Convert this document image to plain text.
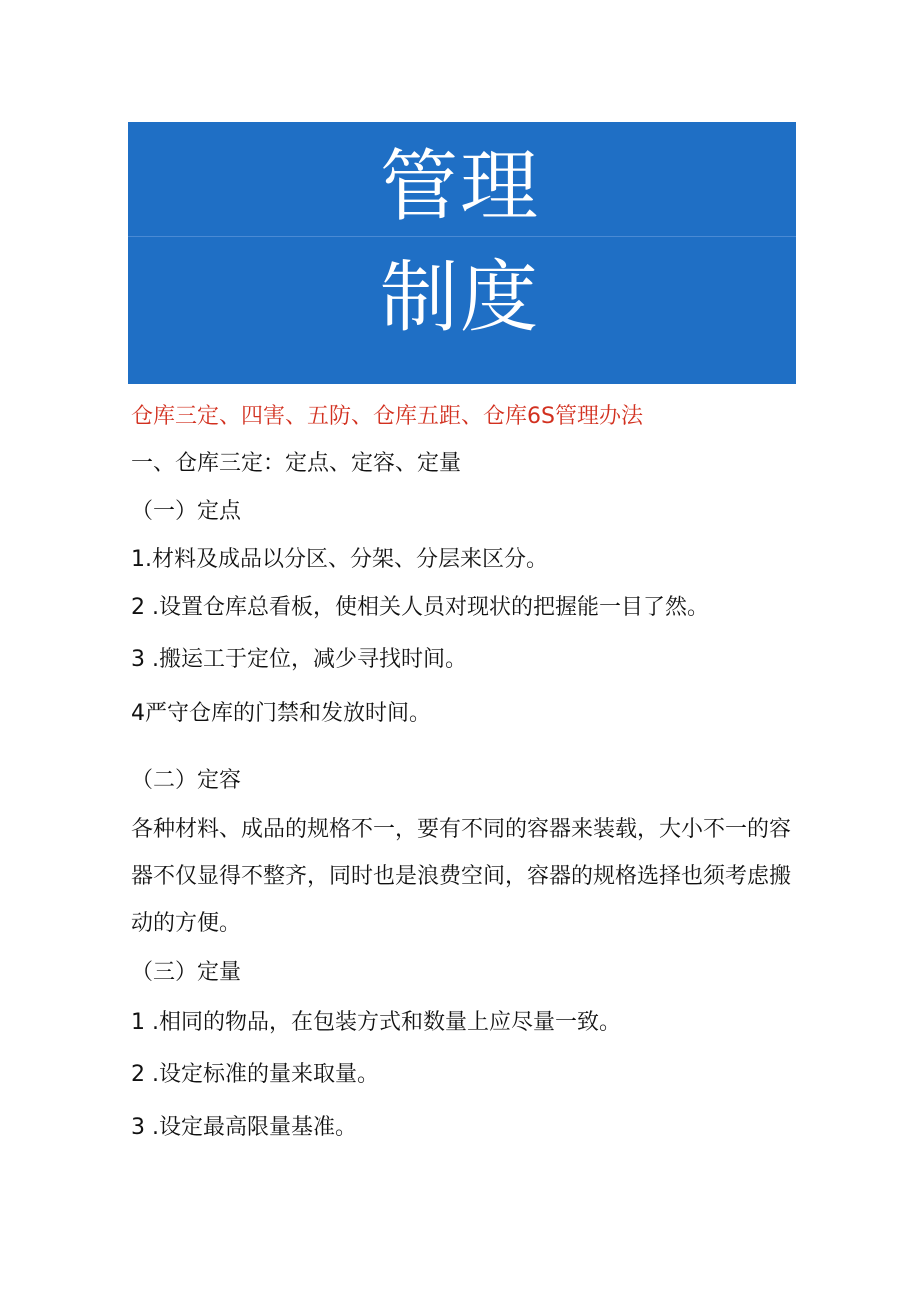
管理
制度
仓库三定、四害、五防、仓库五距、仓库6S管理办法
一、仓库三定：定点、定容、定量
（一）定点
1.材料及成品以分区、分架、分层来区分。
2 .设置仓库总看板，使相关人员对现状的把握能一目了然。
3 .搬运工于定位，减少寻找时间。
4严守仓库的门禁和发放时间。
（二）定容

各种材料、成品的规格不一，要有不同的容器来装载，大小不一的容器不仅显得不整齐，同时也是浪费空间，容器的规格选择也须考虑搬动的方便。

（三）定量
1 .相同的物品，在包装方式和数量上应尽量一致。
2 .设定标准的量来取量。
3 .设定最高限量基准。
